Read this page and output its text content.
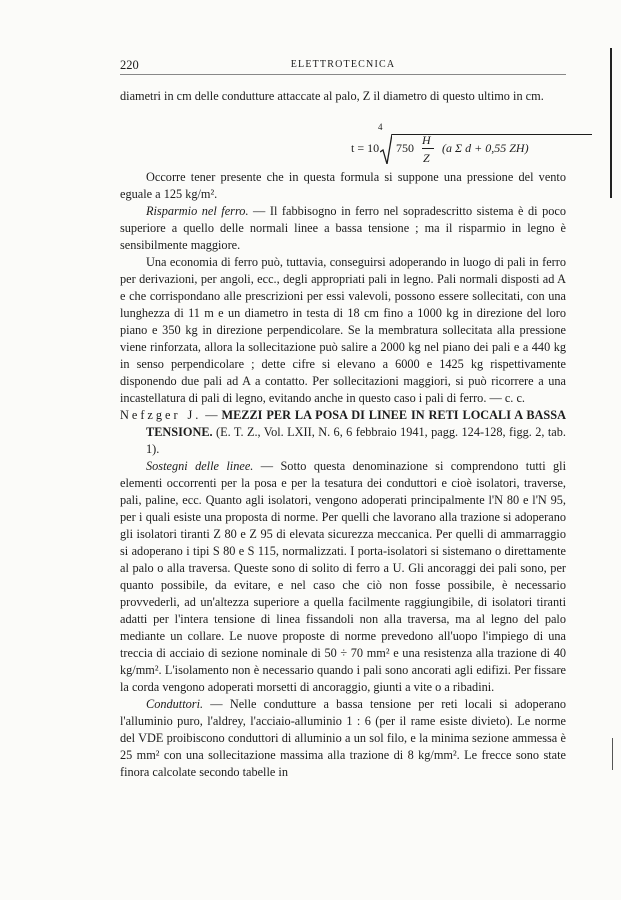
220	ELETTROTECNICA

diametri in cm delle condutture attaccate al palo, Z il diametro di questo ultimo in cm.

t = 10
4
750
H
Z
(a Σ d + 0,55 ZH)

Occorre tener presente che in questa formula si suppone una pressione del vento eguale a 125 kg/m².

Risparmio nel ferro. — Il fabbisogno in ferro nel sopradescritto sistema è di poco superiore a quello delle normali linee a bassa tensione ; ma il risparmio in legno è sensibilmente maggiore.

Una economia di ferro può, tuttavia, conseguirsi adoperando in luogo di pali in ferro per derivazioni, per angoli, ecc., degli appropriati pali in legno. Pali normali disposti ad A e che corrispondano alle prescrizioni per essi valevoli, possono essere sollecitati, con una lunghezza di 11 m e un diametro in testa di 18 cm fino a 1000 kg in direzione del loro piano e 350 kg in direzione perpendicolare. Se la membratura sollecitata alla pressione viene rinforzata, allora la sollecitazione può salire a 2000 kg nel piano dei pali e a 440 kg in senso perpendicolare ; dette cifre si elevano a 6000 e 1425 kg rispettivamente disponendo due pali ad A a contatto. Per sollecitazioni maggiori, si può ricorrere a una incastellatura di pali di legno, evitando anche in questo caso i pali di ferro. — c. c.

Nefzger J. — MEZZI PER LA POSA DI LINEE IN RETI LOCALI A BASSA TENSIONE. (E. T. Z., Vol. LXII, N. 6, 6 febbraio 1941, pagg. 124-128, figg. 2, tab. 1).

Sostegni delle linee. — Sotto questa denominazione si comprendono tutti gli elementi occorrenti per la posa e per la tesatura dei conduttori e cioè isolatori, traverse, pali, paline, ecc. Quanto agli isolatori, vengono adoperati principalmente l'N 80 e l'N 95, per i quali esiste una proposta di norme. Per quelli che lavorano alla trazione si adoperano gli isolatori tiranti Z 80 e Z 95 di elevata sicurezza meccanica. Per quelli di ammarraggio si adoperano i tipi S 80 e S 115, normalizzati. I porta-isolatori si sistemano o direttamente al palo o alla traversa. Queste sono di solito di ferro a U. Gli ancoraggi dei pali sono, per quanto possibile, da evitare, e nel caso che ciò non fosse possibile, è necessario provvederli, ad un'altezza superiore a quella facilmente raggiungibile, di isolatori tiranti adatti per l'intera tensione di linea fissandoli non alla traversa, ma al legno del palo mediante un collare. Le nuove proposte di norme prevedono all'uopo l'impiego di una treccia di acciaio di sezione nominale di 50 ÷ 70 mm² e una resistenza alla trazione di 40 kg/mm². L'isolamento non è necessario quando i pali sono ancorati agli edifizi. Per fissare la corda vengono adoperati morsetti di ancoraggio, giunti a vite o a ribadini.

Conduttori. — Nelle condutture a bassa tensione per reti locali si adoperano l'alluminio puro, l'aldrey, l'acciaio-alluminio 1 : 6 (per il rame esiste divieto). Le norme del VDE proibiscono conduttori di alluminio a un sol filo, e la minima sezione ammessa è 25 mm² con una sollecitazione massima alla trazione di 8 kg/mm². Le frecce sono state finora calcolate secondo tabelle in
